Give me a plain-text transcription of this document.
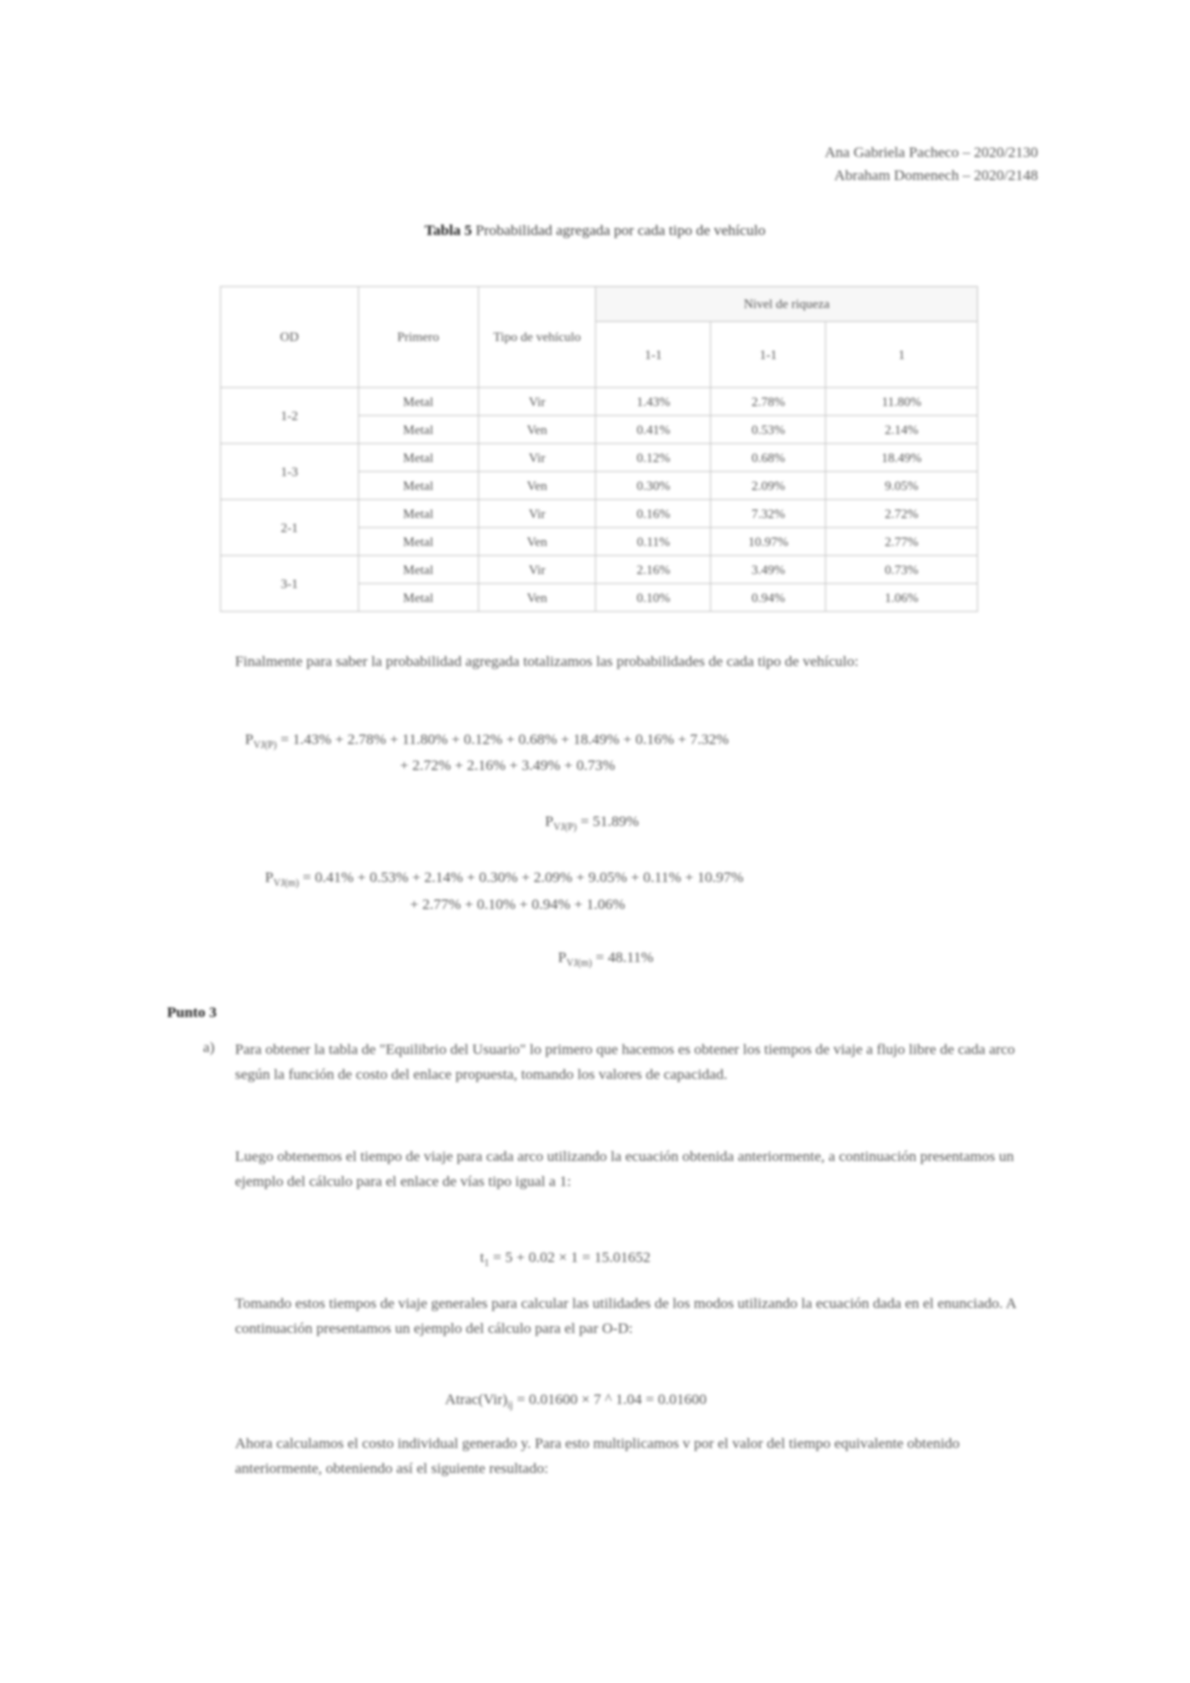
Ana Gabriela Pacheco – 2020/2130
Abraham Domenech – 2020/2148
Tabla 5 Probabilidad agregada por cada tipo de vehículo
OD	Primero	Tipo de vehículo	Nivel de riqueza		
			1-1	1-1	1
1-2	Metal	Vir	1.43%	2.78%	11.80%
	Metal	Ven	0.41%	0.53%	2.14%
1-3	Metal	Vir	0.12%	0.68%	18.49%
	Metal	Ven	0.30%	2.09%	9.05%
2-1	Metal	Vir	0.16%	7.32%	2.72%
	Metal	Ven	0.11%	10.97%	2.77%
3-1	Metal	Vir	2.16%	3.49%	0.73%
	Metal	Ven	0.10%	0.94%	1.06%
Finalmente para saber la probabilidad agregada totalizamos las probabilidades de cada tipo de vehículo:
$P_{VJ(P)} = 1.43\% + 2.78\% + 11.80\% + 0.12\% + 0.68\% + 18.49\% + 0.16\% + 7.32\%$
+ 2.72% + 2.16% + 3.49% + 0.73%
$P_{VJ(P)} = 51.89\%$
$P_{VJ(m)} = 0.41\% + 0.53\% + 2.14\% + 0.30\% + 2.09\% + 9.05\% + 0.11\% + 10.97\%$
+ 2.77% + 0.10% + 0.94% + 1.06%
$P_{VJ(m)} = 48.11\%$
Punto 3
a) Para obtener la tabla de "Equilibrio del Usuario" lo primero que hacemos es obtener los tiempos de viaje a flujo libre de cada arco según la función de costo del enlace propuesta, tomando los valores de capacidad.
Luego obtenemos el tiempo de viaje para cada arco utilizando la ecuación obtenida anteriormente, a continuación presentamos un ejemplo del cálculo para el enlace de vías tipo igual a 1:
$t_1 = 5 + 0.02 \times 1 = 15.01652$
Tomando estos tiempos de viaje generales para calcular las utilidades de los modos utilizando la ecuación dada en el enunciado. A continuación presentamos un ejemplo del cálculo para el par O-D:
$Atrac(Vir)_{ij} = 0.01600 \times 7$ ^ 1.04 = 0.01600
Ahora calculamos el costo individual generado y. Para esto multiplicamos v por el valor del tiempo equivalente obtenido anteriormente, obteniendo así el siguiente resultado:
